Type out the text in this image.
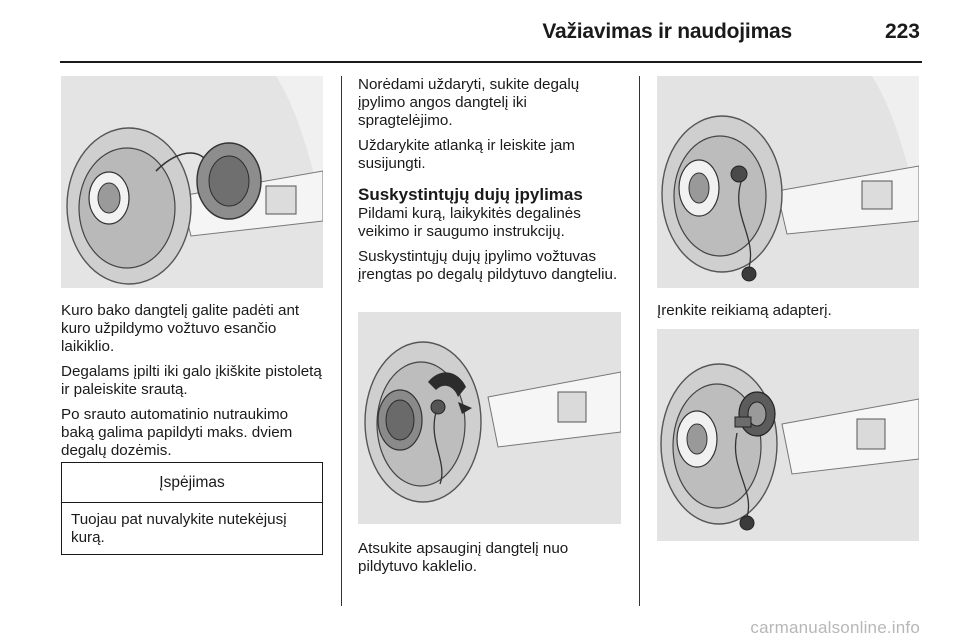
Važiavimas ir naudojimas	223

Kuro bako dangtelį galite padėti ant kuro užpildymo vožtuvo esančio laikiklio.

Degalams įpilti iki galo įkiškite pistoletą ir paleiskite srautą.

Po srauto automatinio nutraukimo baką galima papildyti maks. dviem degalų dozėmis.

Įspėjimas
Tuojau pat nuvalykite nutekėjusį kurą.

Norėdami uždaryti, sukite degalų įpylimo angos dangtelį iki spragtelėjimo.

Uždarykite atlanką ir leiskite jam susijungti.

Suskystintųjų dujų įpylimas

Pildami kurą, laikykitės degalinės veikimo ir saugumo instrukcijų.

Suskystintųjų dujų įpylimo vožtuvas įrengtas po degalų pildytuvo dangteliu.

Atsukite apsauginį dangtelį nuo pildytuvo kaklelio.

Įrenkite reikiamą adapterį.

carmanualsonline.info
